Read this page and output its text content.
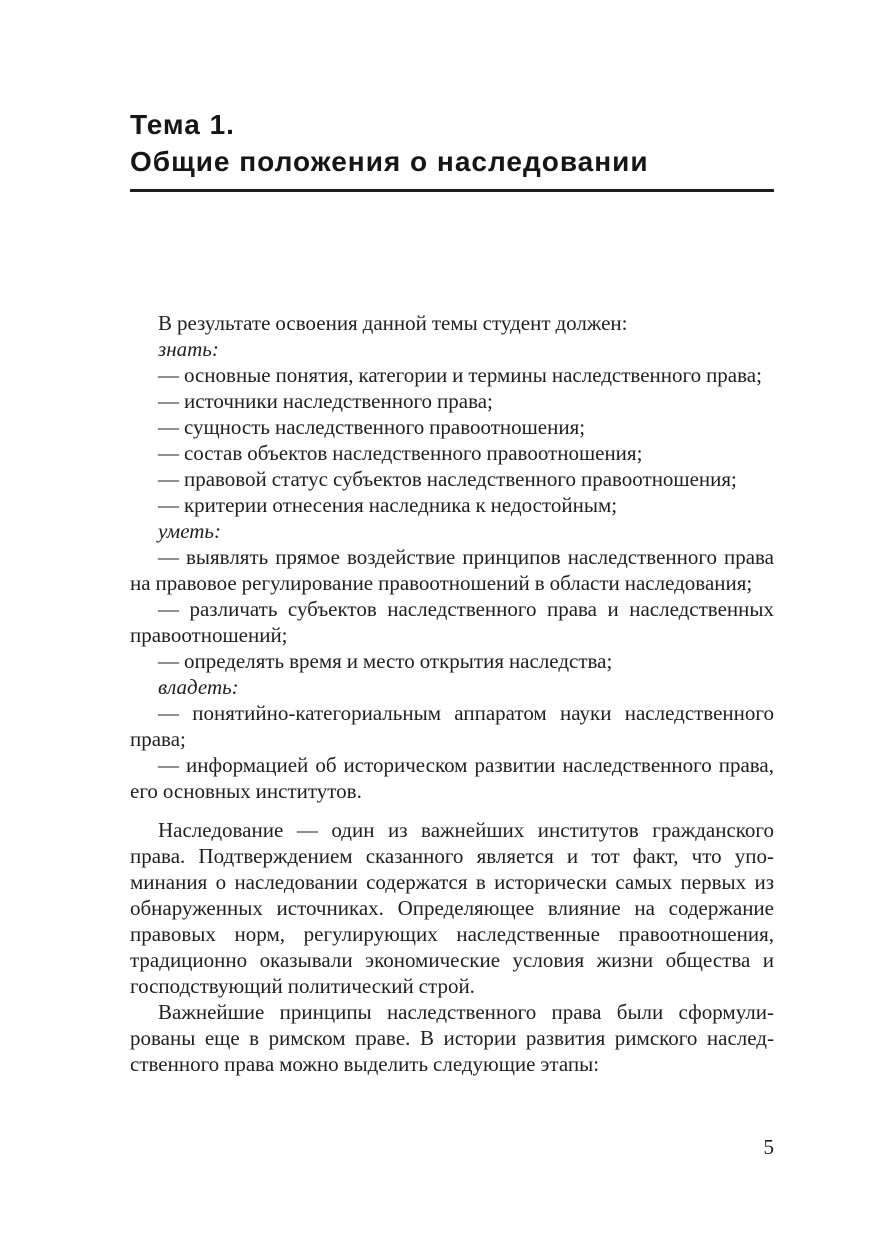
Тема 1.
Общие положения о наследовании

В результате освоения данной темы студент должен:

знать:

— основные понятия, категории и термины наследственного права;

— источники наследственного права;

— сущность наследственного правоотношения;

— состав объектов наследственного правоотношения;

— правовой статус субъектов наследственного правоотношения;

— критерии отнесения наследника к недостойным;

уметь:

— выявлять прямое воздействие принципов наследственного права на правовое регулирование правоотношений в области наследования;

— различать субъектов наследственного права и наследственных правоотношений;

— определять время и место открытия наследства;

владеть:

— понятийно-категориальным аппаратом науки наследственного права;

— информацией об историческом развитии наследственного права, его основных институтов.

Наследование — один из важнейших институтов гражданского права. Подтверждением сказанного является и тот факт, что упоминания о наследовании содержатся в исторически самых первых из обнаруженных источниках. Определяющее влияние на содержание правовых норм, регулирующих наследственные правоотношения, традиционно оказывали экономические условия жизни общества и господствующий политический строй.

Важнейшие принципы наследственного права были сформулированы еще в римском праве. В истории развития римского наследственного права можно выделить следующие этапы:

5
